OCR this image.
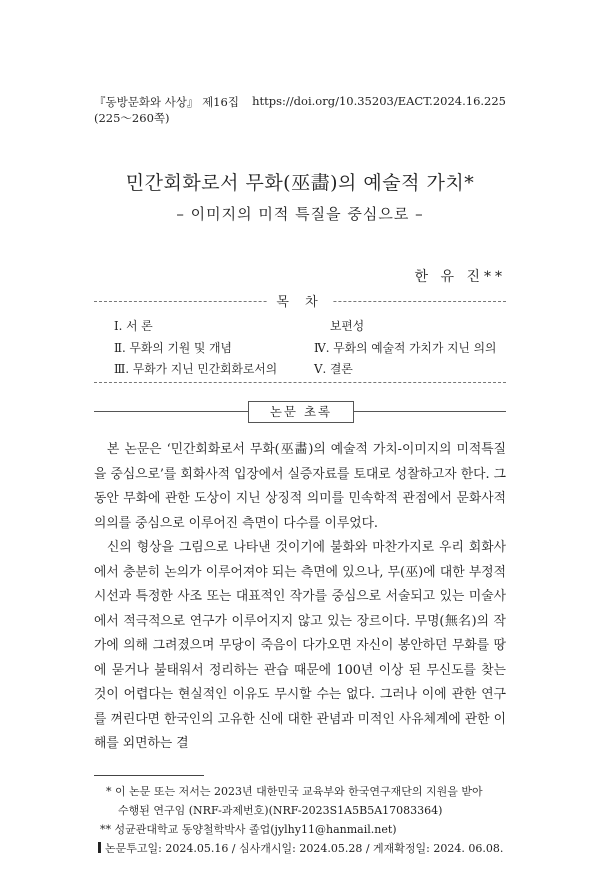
『동방문화와 사상』 제16집(225～260쪽)
https://doi.org/10.35203/EACT.2024.16.225
민간회화로서 무화(巫畵)의 예술적 가치*
– 이미지의 미적 특질을 중심으로 –
한 유 진**
목 차
Ⅰ. 서 론
Ⅱ. 무화의 기원 및 개념
Ⅲ. 무화가 지닌 민간회화로서의
보편성
Ⅳ. 무화의 예술적 가치가 지닌 의의
Ⅴ. 결론
논문 초록

본 논문은 ‘민간회화로서 무화(巫畵)의 예술적 가치-이미지의 미적특질을 중심으로’를 회화사적 입장에서 실증자료를 토대로 성찰하고자 한다. 그 동안 무화에 관한 도상이 지닌 상징적 의미를 민속학적 관점에서 문화사적 의의를 중심으로 이루어진 측면이 다수를 이루었다.

신의 형상을 그림으로 나타낸 것이기에 불화와 마찬가지로 우리 회화사에서 충분히 논의가 이루어져야 되는 측면에 있으나, 무(巫)에 대한 부정적 시선과 특정한 사조 또는 대표적인 작가를 중심으로 서술되고 있는 미술사에서 적극적으로 연구가 이루어지지 않고 있는 장르이다. 무명(無名)의 작가에 의해 그려졌으며 무당이 죽음이 다가오면 자신이 봉안하던 무화를 땅에 묻거나 불태워서 정리하는 관습 때문에 100년 이상 된 무신도를 찾는 것이 어렵다는 현실적인 이유도 무시할 수는 없다. 그러나 이에 관한 연구를 껴린다면 한국인의 고유한 신에 대한 관념과 미적인 사유체계에 관한 이해를 외면하는 결

* 이 논문 또는 저서는 2023년 대한민국 교육부와 한국연구재단의 지원을 받아
수행된 연구임 (NRF-과제번호)(NRF-2023S1A5B5A17083364)
** 성균관대학교 동양철학박사 졸업(jylhy11@hanmail.net)
논문투고일: 2024.05.16 / 심사개시일: 2024.05.28 / 게재확정일: 2024. 06.08.
